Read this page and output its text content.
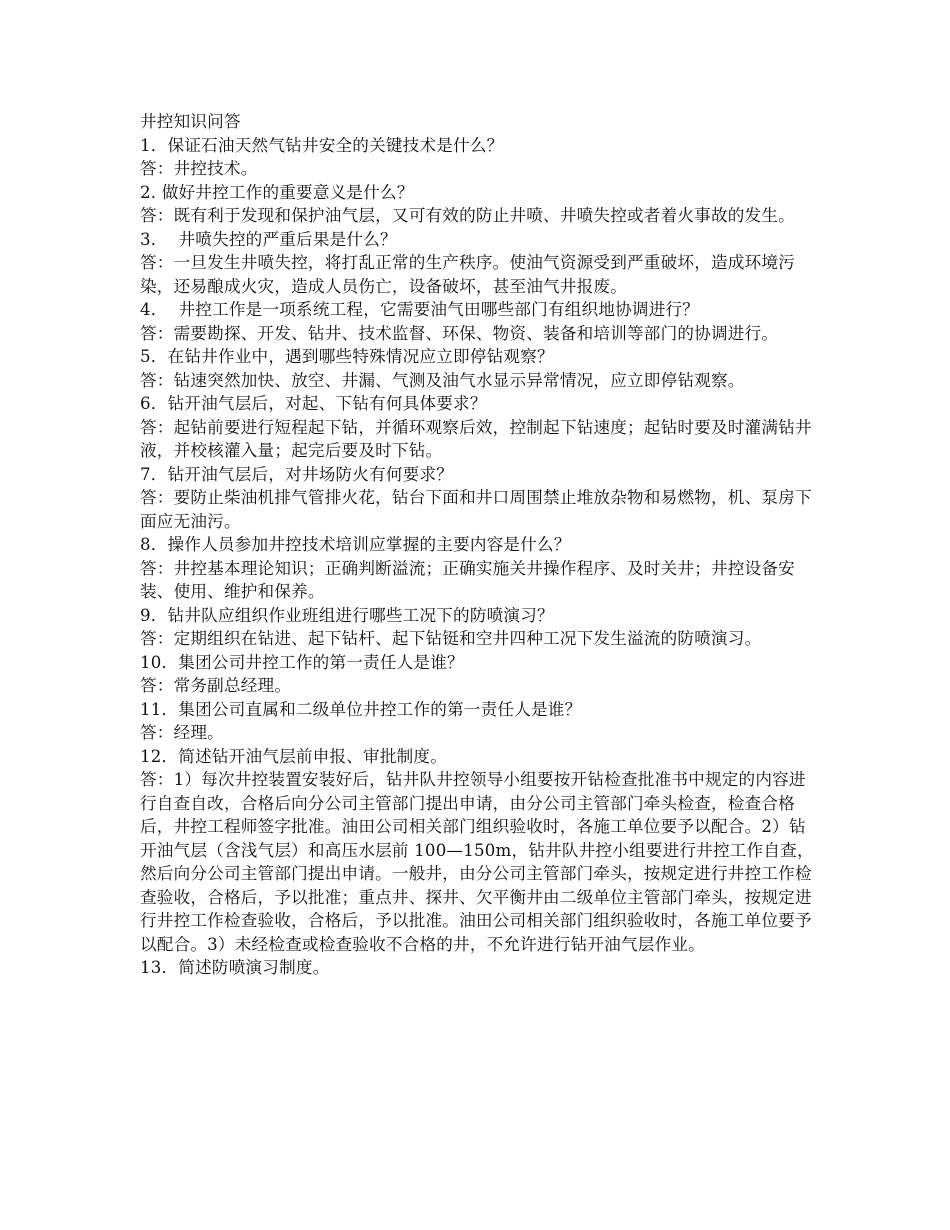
井控知识问答
1．保证石油天然气钻井安全的关键技术是什么？
答：井控技术。
2. 做好井控工作的重要意义是什么？
答：既有利于发现和保护油气层，又可有效的防止井喷、井喷失控或者着火事故的发生。
3．  井喷失控的严重后果是什么？
答：一旦发生井喷失控，将打乱正常的生产秩序。使油气资源受到严重破坏，造成环境污染，还易酿成火灾，造成人员伤亡，设备破坏，甚至油气井报废。
4．  井控工作是一项系统工程，它需要油气田哪些部门有组织地协调进行？
答：需要勘探、开发、钻井、技术监督、环保、物资、装备和培训等部门的协调进行。
5．在钻井作业中，遇到哪些特殊情况应立即停钻观察？
答：钻速突然加快、放空、井漏、气测及油气水显示异常情况，应立即停钻观察。
6．钻开油气层后，对起、下钻有何具体要求？
答：起钻前要进行短程起下钻，并循环观察后效，控制起下钻速度；起钻时要及时灌满钻井液，并校核灌入量；起完后要及时下钻。
7．钻开油气层后，对井场防火有何要求？
答：要防止柴油机排气管排火花，钻台下面和井口周围禁止堆放杂物和易燃物，机、泵房下面应无油污。
8．操作人员参加井控技术培训应掌握的主要内容是什么？
答：井控基本理论知识；正确判断溢流；正确实施关井操作程序、及时关井；井控设备安装、使用、维护和保养。
9．钻井队应组织作业班组进行哪些工况下的防喷演习？
答：定期组织在钻进、起下钻杆、起下钻铤和空井四种工况下发生溢流的防喷演习。
10．集团公司井控工作的第一责任人是谁？
答：常务副总经理。
11．集团公司直属和二级单位井控工作的第一责任人是谁？
答：经理。
12．简述钻开油气层前申报、审批制度。
答：1）每次井控装置安装好后，钻井队井控领导小组要按开钻检查批准书中规定的内容进行自查自改，合格后向分公司主管部门提出申请，由分公司主管部门牵头检查，检查合格后，井控工程师签字批准。油田公司相关部门组织验收时，各施工单位要予以配合。2）钻开油气层（含浅气层）和高压水层前 100—150m，钻井队井控小组要进行井控工作自查，然后向分公司主管部门提出申请。一般井，由分公司主管部门牵头，按规定进行井控工作检查验收，合格后，予以批准；重点井、探井、欠平衡井由二级单位主管部门牵头，按规定进行井控工作检查验收，合格后，予以批准。油田公司相关部门组织验收时，各施工单位要予以配合。3）未经检查或检查验收不合格的井，不允许进行钻开油气层作业。
13．简述防喷演习制度。
